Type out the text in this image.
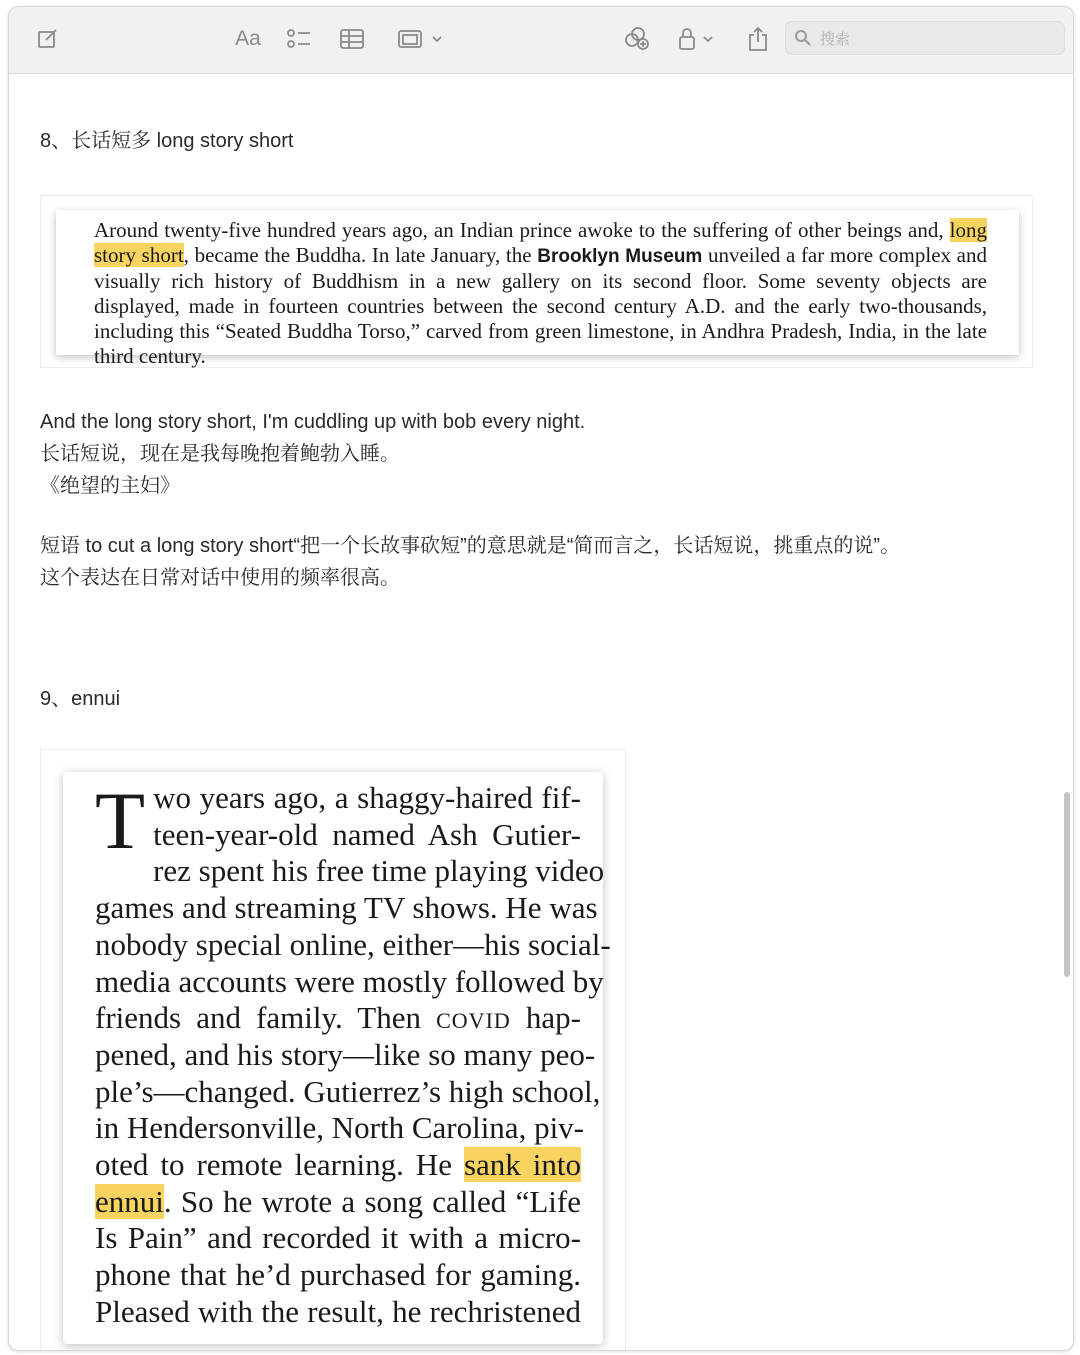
Aa	搜索
8、长话短多 long story short
Around twenty-five hundred years ago, an Indian prince awoke to the suffering of other beings and, long story short, became the Buddha. In late January, the Brooklyn Museum unveiled a far more complex and visually rich history of Buddhism in a new gallery on its second floor. Some seventy objects are displayed, made in fourteen countries between the second century A.D. and the early two-thousands, including this “Seated Buddha Torso,” carved from green limestone, in Andhra Pradesh, India, in the late third century.
And the long story short, I'm cuddling up with bob every night.
长话短说，现在是我每晚抱着鲍勃入睡。
《绝望的主妇》
短语 to cut a long story short“把一个长故事砍短”的意思就是“简而言之，长话短说，挑重点的说”。
这个表达在日常对话中使用的频率很高。
9、ennui
T wo years ago, a shaggy-haired fif-
teen-year-old named Ash Gutier-
rez spent his free time playing video
games and streaming TV shows. He was
nobody special online, either—his social-
media accounts were mostly followed by
friends and family. Then covid hap-
pened, and his story—like so many peo-
ple’s—changed. Gutierrez’s high school,
in Hendersonville, North Carolina, piv-
oted to remote learning. He sank into
ennui. So he wrote a song called “Life
Is Pain” and recorded it with a micro-
phone that he’d purchased for gaming.
Pleased with the result, he rechristened
